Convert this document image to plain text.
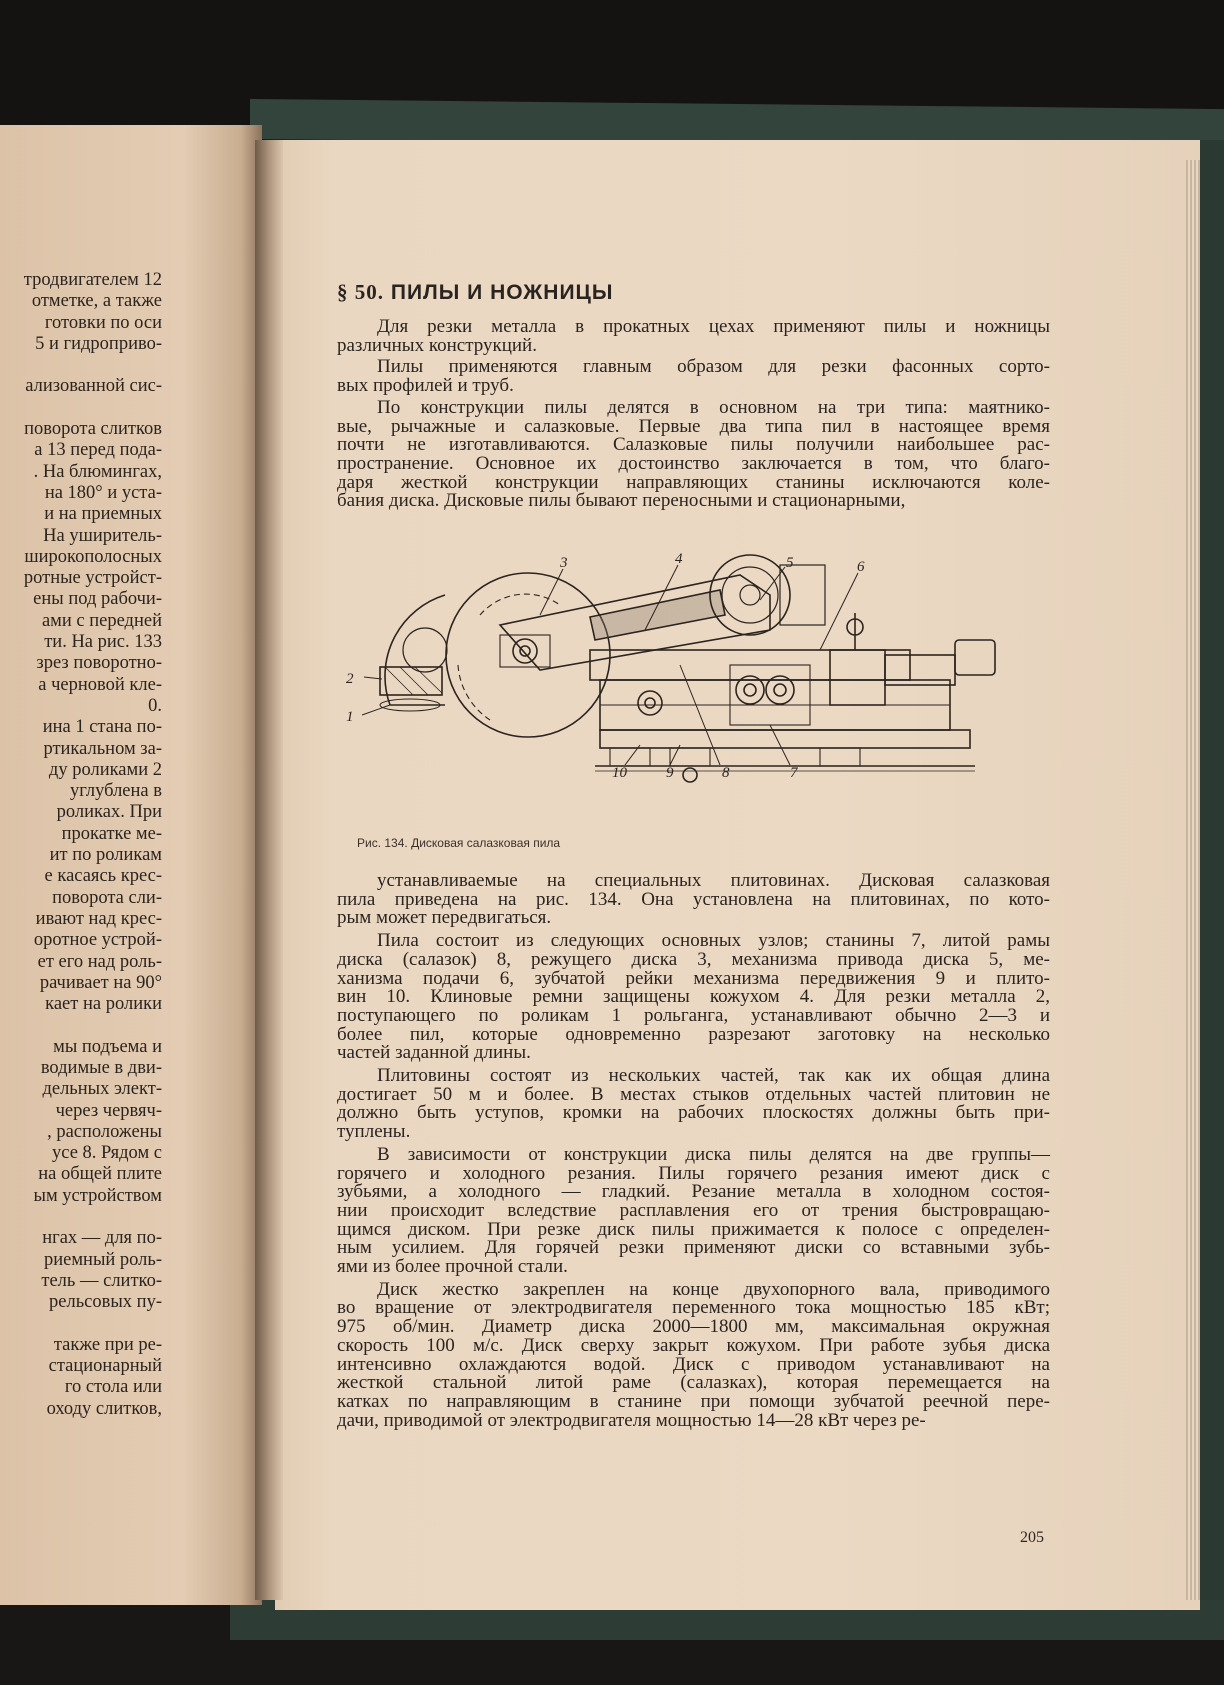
тродвигателем 12
отметке, а также
готовки по оси
5 и гидроприво-
ализованной сис-
поворота слитков
а 13 перед пода-
. На блюмингах,
на 180° и уста-
и на приемных
На уширитель-
широкополосных
ротные устройст-
ены под рабочи-
ами с передней
ти. На рис. 133
зрез поворотно-
а черновой кле-
0.
ина 1 стана по-
ртикальном за-
ду роликами 2
углублена в
роликах. При
прокатке ме-
ит по роликам
е касаясь крес-
поворота сли-
ивают над крес-
оротное устрой-
ет его над роль-
рачивает на 90°
кает на ролики
мы подъема и
водимые в дви-
дельных элект-
через червяч-
, расположены
усе 8. Рядом с
на общей плите
ым устройством
нгах — для по-
риемный роль-
тель — слитко-
рельсовых пу-
также при ре-
стационарный
го стола или
оходу слитков,
§ 50. ПИЛЫ И НОЖНИЦЫ

Для резки металла в прокатных цехах применяют пилы и ножницы

различных конструкций.

Пилы применяются главным образом для резки фасонных сорто-

вых профилей и труб.

По конструкции пилы делятся в основном на три типа: маятнико-

вые, рычажные и салазковые. Первые два типа пил в настоящее время

почти не изготавливаются. Салазковые пилы получили наибольшее рас-

пространение. Основное их достоинство заключается в том, что благо-

даря жесткой конструкции направляющих станины исключаются коле-

бания диска. Дисковые пилы бывают переносными и стационарными,

3	4	5	6
2
1
10	9	8	7
Рис. 134. Дисковая салазковая пила

устанавливаемые на специальных плитовинах. Дисковая салазковая

пила приведена на рис. 134. Она установлена на плитовинах, по кото-

рым может передвигаться.

Пила состоит из следующих основных узлов; станины 7, литой рамы

диска (салазок) 8, режущего диска 3, механизма привода диска 5, ме-

ханизма подачи 6, зубчатой рейки механизма передвижения 9 и плито-

вин 10. Клиновые ремни защищены кожухом 4. Для резки металла 2,

поступающего по роликам 1 рольганга, устанавливают обычно 2—3 и

более пил, которые одновременно разрезают заготовку на несколько

частей заданной длины.

Плитовины состоят из нескольких частей, так как их общая длина

достигает 50 м и более. В местах стыков отдельных частей плитовин не

должно быть уступов, кромки на рабочих плоскостях должны быть при-

туплены.

В зависимости от конструкции диска пилы делятся на две группы—

горячего и холодного резания. Пилы горячего резания имеют диск с

зубьями, а холодного — гладкий. Резание металла в холодном состоя-

нии происходит вследствие расплавления его от трения быстровращаю-

щимся диском. При резке диск пилы прижимается к полосе с определен-

ным усилием. Для горячей резки применяют диски со вставными зубь-

ями из более прочной стали.

Диск жестко закреплен на конце двухопорного вала, приводимого

во вращение от электродвигателя переменного тока мощностью 185 кВт;

975 об/мин. Диаметр диска 2000—1800 мм, максимальная окружная

скорость 100 м/с. Диск сверху закрыт кожухом. При работе зубья диска

интенсивно охлаждаются водой. Диск с приводом устанавливают на

жесткой стальной литой раме (салазках), которая перемещается на

катках по направляющим в станине при помощи зубчатой реечной пере-

дачи, приводимой от электродвигателя мощностью 14—28 кВт через ре-

205
